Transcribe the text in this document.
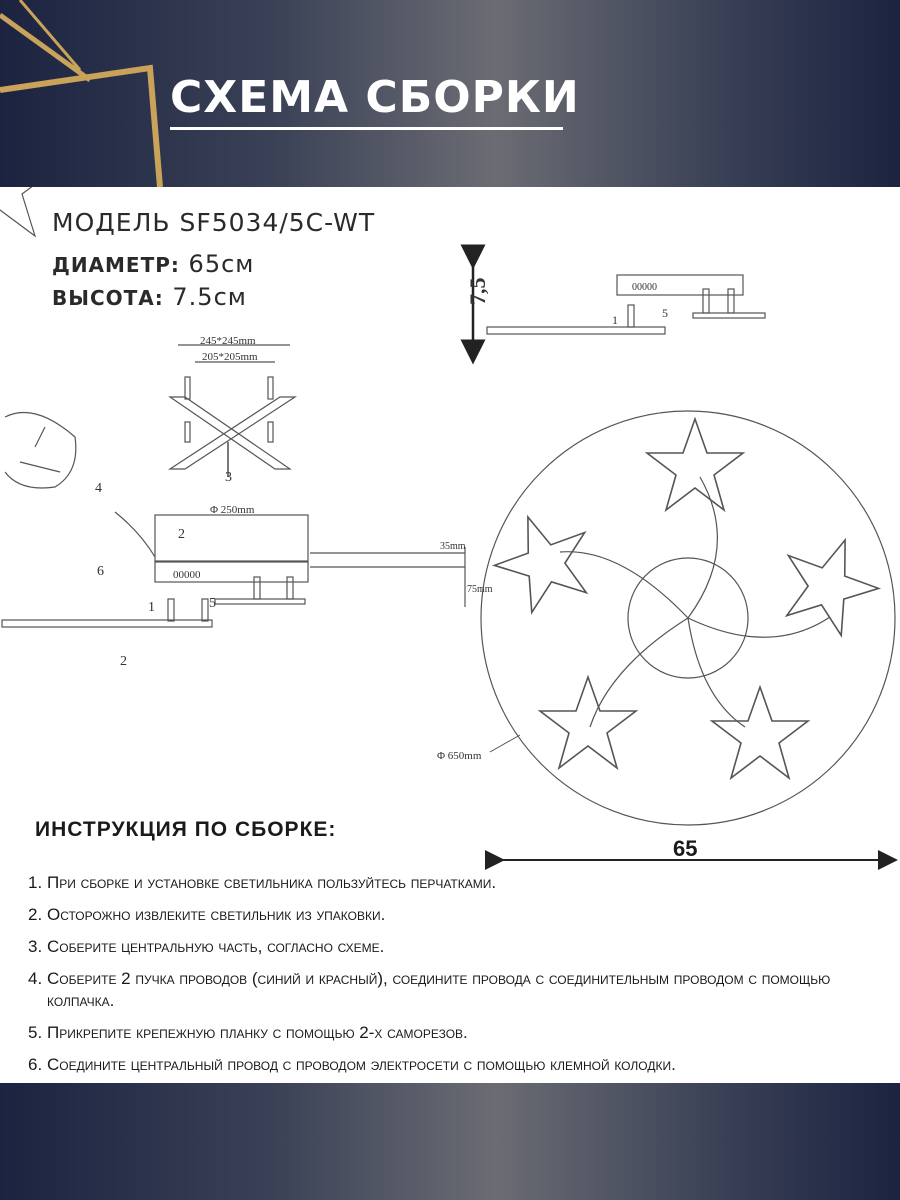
СХЕМА СБОРКИ
МОДЕЛЬ SF5034/5C-WT
ДИАМЕТР: 65см
ВЫСОТА: 7.5см	7,5	00000
1	5
245*245mm
205*205mm
3
4
Φ 250mm
00000
35mm
75mm
2
6
1	5
2
Φ 650mm
65
ИНСТРУКЦИЯ ПО СБОРКЕ:
1. При сборке и установке светильника пользуйтесь перчатками.
2. Осторожно извлеките светильник из упаковки.
3. Соберите центральную часть, согласно схеме.
4. Соберите 2 пучка проводов (синий и красный), соедините провода с соединительным проводом с помощью колпачка.
5. Прикрепите крепежную планку с помощью 2-х саморезов.
6. Соедините центральный провод с проводом электросети с помощью клемной колодки.
